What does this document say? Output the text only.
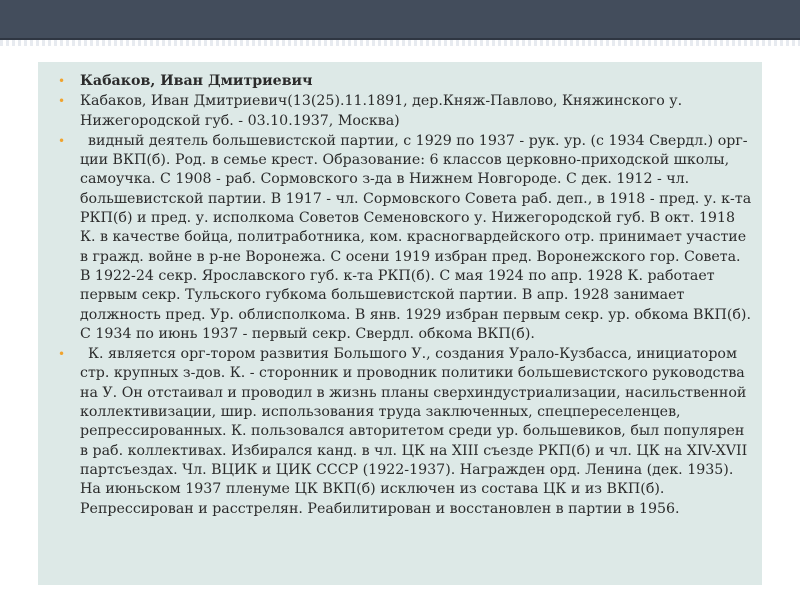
• Кабаков, Иван Дмитриевич
• Кабаков, Иван Дмитриевич(13(25).11.1891, дер.Княж-Павлово, Княжинского у. Нижегородской губ. - 03.10.1937, Москва)
• видный деятель большевистской партии, с 1929 по 1937 - рук. ур. (с 1934 Свердл.) орг-ции ВКП(б). Род. в семье крест. Образование: 6 классов церковно-приходской школы, самоучка. С 1908 - раб. Сормовского з-да в Нижнем Новгороде. С дек. 1912 - чл. большевистской партии. В 1917 - чл. Сормовского Совета раб. деп., в 1918 - пред. у. к-та РКП(б) и пред. у. исполкома Советов Семеновского у. Нижегородской губ. В окт. 1918 К. в качестве бойца, политработника, ком. красногвардейского отр. принимает участие в гражд. войне в р-не Воронежа. С осени 1919 избран пред. Воронежского гор. Совета. В 1922-24 секр. Ярославского губ. к-та РКП(б). С мая 1924 по апр. 1928 К. работает первым секр. Тульского губкома большевистской партии. В апр. 1928 занимает должность пред. Ур. облисполкома. В янв. 1929 избран первым секр. ур. обкома ВКП(б). С 1934 по июнь 1937 - первый секр. Свердл. обкома ВКП(б).
• К. является орг-тором развития Большого У., создания Урало-Кузбасса, инициатором стр. крупных з-дов. К. - сторонник и проводник политики большевистского руководства на У. Он отстаивал и проводил в жизнь планы сверхиндустриализации, насильственной коллективизации, шир. использования труда заключенных, спецпереселенцев, репрессированных. К. пользовался авторитетом среди ур. большевиков, был популярен в раб. коллективах. Избирался канд. в чл. ЦК на XIII съезде РКП(б) и чл. ЦК на XIV-XVII партсъездах. Чл. ВЦИК и ЦИК СССР (1922-1937). Награжден орд. Ленина (дек. 1935). На июньском 1937 пленуме ЦК ВКП(б) исключен из состава ЦК и из ВКП(б). Репрессирован и расстрелян. Реабилитирован и восстановлен в партии в 1956.
